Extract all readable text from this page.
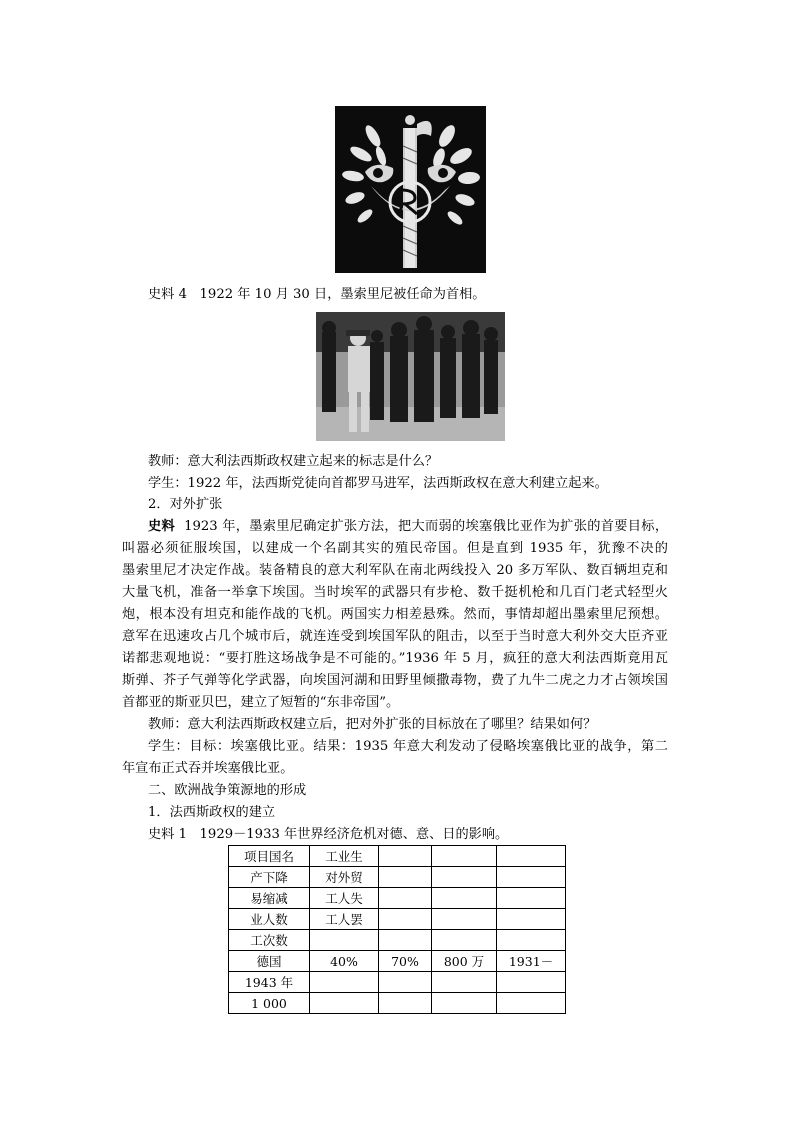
史料 4 1922 年 10 月 30 日，墨索里尼被任命为首相。
教师：意大利法西斯政权建立起来的标志是什么？
学生：1922 年，法西斯党徒向首都罗马进军，法西斯政权在意大利建立起来。
2．对外扩张
史料 1923 年，墨索里尼确定扩张方法，把大而弱的埃塞俄比亚作为扩张的首要目标，
叫嚣必须征服埃国，以建成一个名副其实的殖民帝国。但是直到 1935 年，犹豫不决的
墨索里尼才决定作战。装备精良的意大利军队在南北两线投入 20 多万军队、数百辆坦克和
大量飞机，准备一举拿下埃国。当时埃军的武器只有步枪、数千挺机枪和几百门老式轻型火
炮，根本没有坦克和能作战的飞机。两国实力相差悬殊。然而，事情却超出墨索里尼预想。
意军在迅速攻占几个城市后，就连连受到埃国军队的阻击，以至于当时意大利外交大臣齐亚
诺都悲观地说：“要打胜这场战争是不可能的。”1936 年 5 月，疯狂的意大利法西斯竟用瓦
斯弹、芥子气弹等化学武器，向埃国河湖和田野里倾撒毒物，费了九牛二虎之力才占领埃国
首都亚的斯亚贝巴，建立了短暂的“东非帝国”。
教师：意大利法西斯政权建立后，把对外扩张的目标放在了哪里？结果如何？
学生：目标：埃塞俄比亚。结果：1935 年意大利发动了侵略埃塞俄比亚的战争，第二
年宣布正式吞并埃塞俄比亚。
二、欧洲战争策源地的形成
1．法西斯政权的建立
史料 1 1929－1933 年世界经济危机对德、意、日的影响。
项目国名	工业生			
产下降	对外贸			
易缩减	工人失			
业人数	工人罢			
工次数				
德国	40%	70%	800 万	1931－
1943 年				
1 000				
